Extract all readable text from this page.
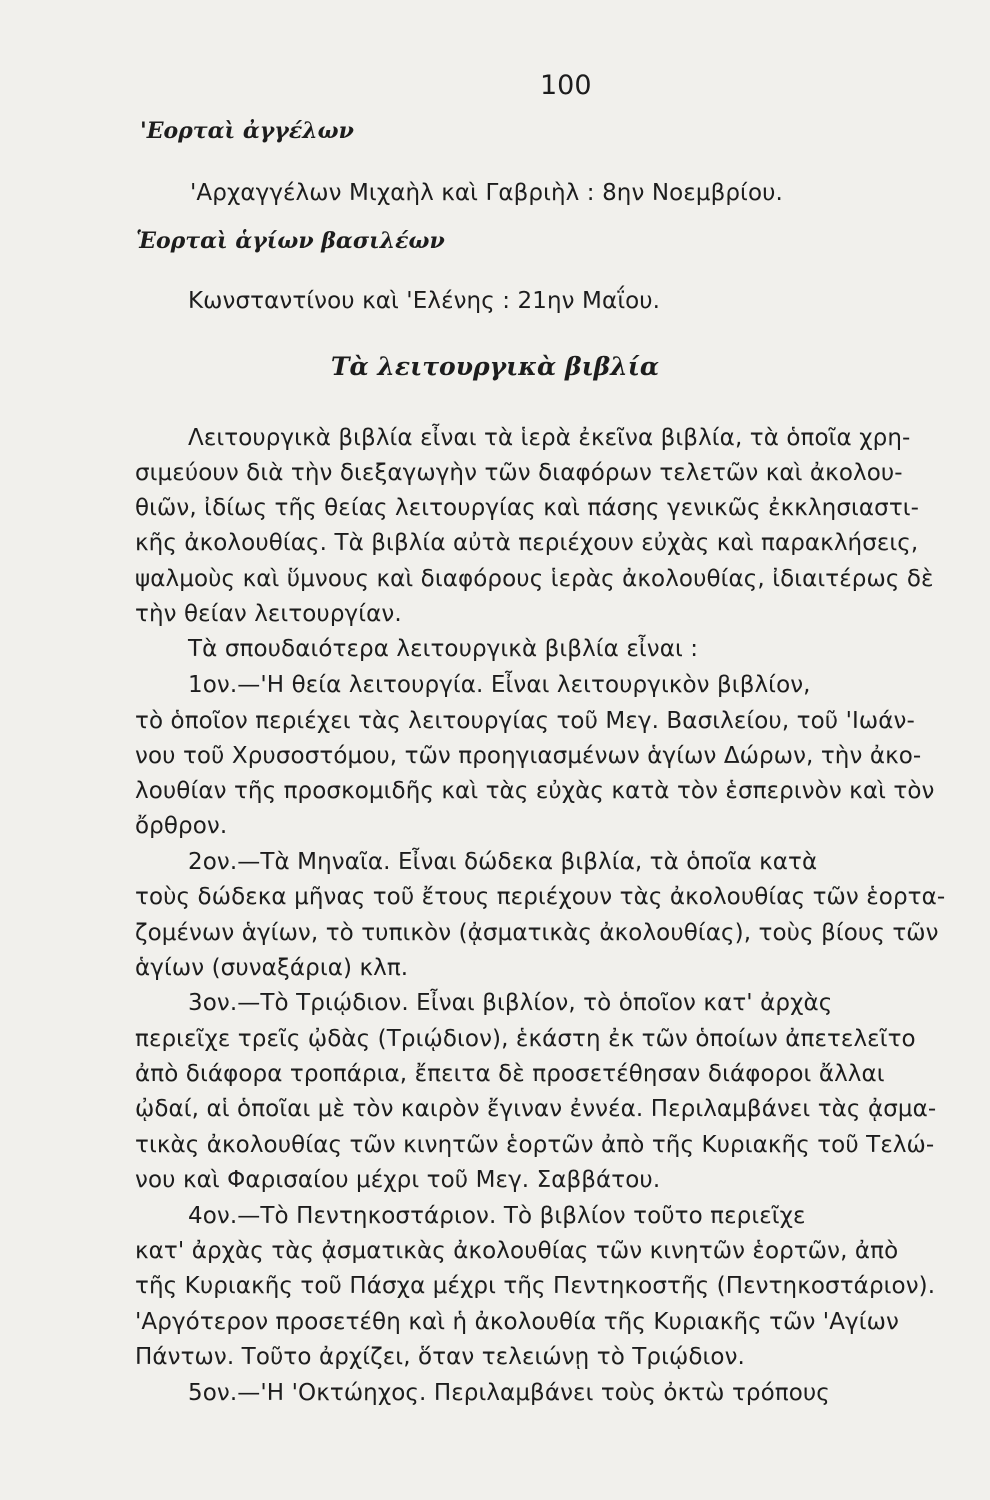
100
'Εορταὶ ἀγγέλων
'Αρχαγγέλων Μιχαὴλ καὶ Γαβριὴλ : 8ην Νοεμβρίου.
Ἑορταὶ ἁγίων βασιλέων
Κωνσταντίνου καὶ 'Ελένης : 21ην Μαΐου.
Τὰ λειτουργικὰ βιβλία
Λειτουργικὰ βιβλία εἶναι τὰ ἱερὰ ἐκεῖνα βιβλία, τὰ ὁποῖα χρη-
σιμεύουν διὰ τὴν διεξαγωγὴν τῶν διαφόρων τελετῶν καὶ ἀκολου-
θιῶν, ἰδίως τῆς θείας λειτουργίας καὶ πάσης γενικῶς ἐκκλησιαστι-
κῆς ἀκολουθίας. Τὰ βιβλία αὐτὰ περιέχουν εὐχὰς καὶ παρακλήσεις,
ψαλμοὺς καὶ ὕμνους καὶ διαφόρους ἱερὰς ἀκολουθίας, ἰδιαιτέρως δὲ
τὴν θείαν λειτουργίαν.
Τὰ σπουδαιότερα λειτουργικὰ βιβλία εἶναι :
1ον.—'Η θεία λειτουργία. Εἶναι λειτουργικὸν βιβλίον,
τὸ ὁποῖον περιέχει τὰς λειτουργίας τοῦ Μεγ. Βασιλείου, τοῦ 'Ιωάν-
νου τοῦ Χρυσοστόμου, τῶν προηγιασμένων ἁγίων Δώρων, τὴν ἀκο-
λουθίαν τῆς προσκομιδῆς καὶ τὰς εὐχὰς κατὰ τὸν ἑσπερινὸν καὶ τὸν
ὄρθρον.
2ον.—Τὰ Μηναῖα. Εἶναι δώδεκα βιβλία, τὰ ὁποῖα κατὰ
τοὺς δώδεκα μῆνας τοῦ ἔτους περιέχουν τὰς ἀκολουθίας τῶν ἑορτα-
ζομένων ἁγίων, τὸ τυπικὸν (ᾀσματικὰς ἀκολουθίας), τοὺς βίους τῶν
ἁγίων (συναξάρια) κλπ.
3ον.—Τὸ Τριῴδιον. Εἶναι βιβλίον, τὸ ὁποῖον κατ' ἀρχὰς
περιεῖχε τρεῖς ᾠδὰς (Τριῴδιον), ἑκάστη ἐκ τῶν ὁποίων ἀπετελεῖτο
ἀπὸ διάφορα τροπάρια, ἔπειτα δὲ προσετέθησαν διάφοροι ἄλλαι
ᾠδαί, αἱ ὁποῖαι μὲ τὸν καιρὸν ἔγιναν ἐννέα. Περιλαμβάνει τὰς ᾀσμα-
τικὰς ἀκολουθίας τῶν κινητῶν ἑορτῶν ἀπὸ τῆς Κυριακῆς τοῦ Τελώ-
νου καὶ Φαρισαίου μέχρι τοῦ Μεγ. Σαββάτου.
4ον.—Τὸ Πεντηκοστάριον. Τὸ βιβλίον τοῦτο περιεῖχε
κατ' ἀρχὰς τὰς ᾀσματικὰς ἀκολουθίας τῶν κινητῶν ἑορτῶν, ἀπὸ
τῆς Κυριακῆς τοῦ Πάσχα μέχρι τῆς Πεντηκοστῆς (Πεντηκοστάριον).
'Αργότερον προσετέθη καὶ ἡ ἀκολουθία τῆς Κυριακῆς τῶν 'Αγίων
Πάντων. Τοῦτο ἀρχίζει, ὅταν τελειώνῃ τὸ Τριῴδιον.
5ον.—'Η 'Οκτώηχος. Περιλαμβάνει τοὺς ὀκτὼ τρόπους
